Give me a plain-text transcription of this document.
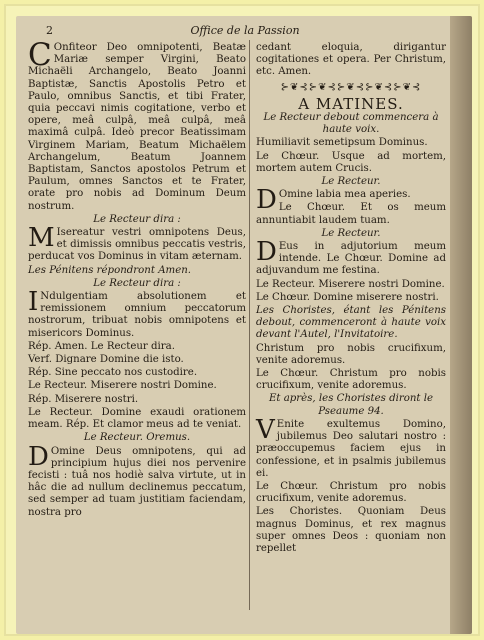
2	Office de la Passion

C Onfiteor Deo omnipotenti, Beatæ Mariæ semper Virgini, Beato Michaëli Archangelo, Beato Joanni Baptistæ, Sanctis Apostolis Petro et Paulo, omnibus Sanctis, et tibi Frater, quia peccavi nimis cogitatione, verbo et opere, meâ culpâ, meâ culpâ, meâ maximâ culpâ. Ideò precor Beatissimam Virginem Mariam, Beatum Michaëlem Archangelum, Beatum Joannem Baptistam, Sanctos apostolos Petrum et Paulum, omnes Sanctos et te Frater, orate pro nobis ad Dominum Deum nostrum.

Le Recteur dira :

M Isereatur vestri omnipotens Deus, et dimissis omnibus peccatis vestris, perducat vos Dominus in vitam æternam.

Les Pénitens répondront Amen.

Le Recteur dira :

I Ndulgentiam absolutionem et remissionem omnium peccatorum nostrorum, tribuat nobis omnipotens et misericors Dominus.

Rép. Amen. Le Recteur dira.

Verf. Dignare Domine die isto.

Rép. Sine peccato nos custodire.

Le Recteur. Miserere nostri Domine.

Rép. Miserere nostri.

Le Recteur. Domine exaudi orationem meam. Rép. Et clamor meus ad te veniat.

Le Recteur. Oremus.

D Omine Deus omnipotens, qui ad principium hujus diei nos pervenire fecisti : tuâ nos hodiè salva virtute, ut in hâc die ad nullum declinemus peccatum, sed semper ad tuam justitiam faciendam, nostra pro

cedant eloquia, dirigantur cogitationes et opera. Per Christum, etc. Amen.

⊱❦⊰⊱❦⊰⊱❦⊰⊱❦⊰⊱❦⊰
A MATINES.

Le Recteur debout commencera à haute voix.

Humiliavit semetipsum Dominus.

Le Chœur. Usque ad mortem, mortem autem Crucis.

Le Recteur.

D Omine labia mea aperies.

Le Chœur. Et os meum annuntiabit laudem tuam.

Le Recteur.

D Eus in adjutorium meum intende. Le Chœur. Domine ad adjuvandum me festina.

Le Recteur. Miserere nostri Domine.

Le Chœur. Domine miserere nostri.

Les Choristes, étant les Pénitens debout, commenceront à haute voix devant l'Autel, l'Invitatoire.

Christum pro nobis crucifixum, venite adoremus.

Le Chœur. Christum pro nobis crucifixum, venite adoremus.

Et après, les Choristes diront le Pseaume 94.

V Enite exultemus Domino, jubilemus Deo salutari nostro : præoccupemus faciem ejus in confessione, et in psalmis jubilemus ei.

Le Chœur. Christum pro nobis crucifixum, venite adoremus.

Les Choristes. Quoniam Deus magnus Dominus, et rex magnus super omnes Deos : quoniam non repellet
